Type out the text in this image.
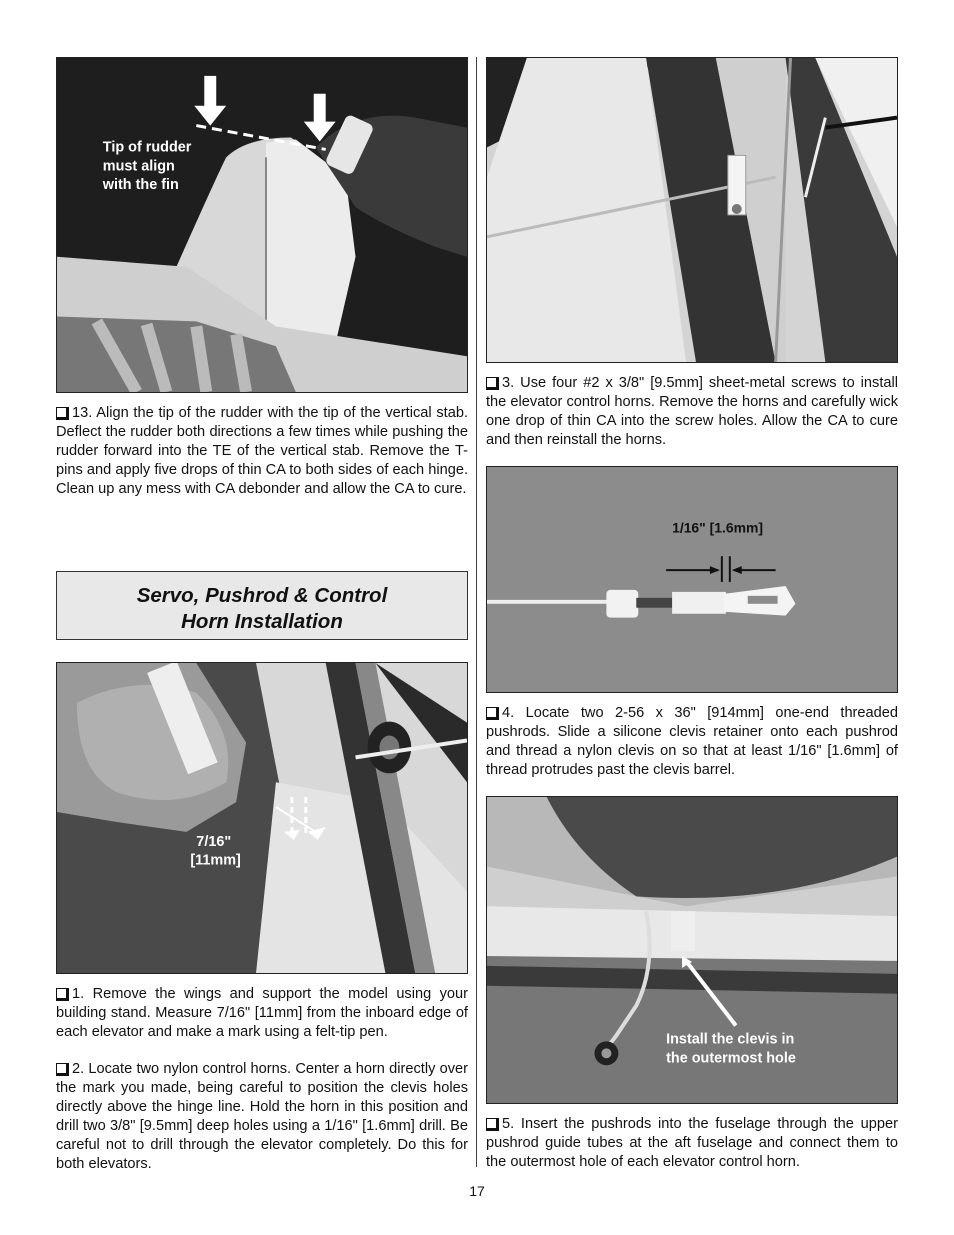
Tip of rudder
must align
with the fin
13. Align the tip of the rudder with the tip of the vertical stab. Deflect the rudder both directions a few times while pushing the rudder forward into the TE of the vertical stab. Remove the T-pins and apply five drops of thin CA to both sides of each hinge. Clean up any mess with CA debonder and allow the CA to cure.
Servo, Pushrod & Control
Horn Installation
7/16"
[11mm]
1. Remove the wings and support the model using your building stand. Measure 7/16" [11mm] from the inboard edge of each elevator and make a mark using a felt-tip pen.
2. Locate two nylon control horns. Center a horn directly over the mark you made, being careful to position the clevis holes directly above the hinge line. Hold the horn in this position and drill two 3/8" [9.5mm] deep holes using a 1/16" [1.6mm] drill. Be careful not to drill through the elevator completely. Do this for both elevators.
3. Use four #2 x 3/8" [9.5mm] sheet-metal screws to install the elevator control horns. Remove the horns and carefully wick one drop of thin CA into the screw holes. Allow the CA to cure and then reinstall the horns.
1/16" [1.6mm]
4. Locate two 2-56 x 36" [914mm] one-end threaded pushrods. Slide a silicone clevis retainer onto each pushrod and thread a nylon clevis on so that at least 1/16" [1.6mm] of thread protrudes past the clevis barrel.
Install the clevis in
the outermost hole
5. Insert the pushrods into the fuselage through the upper pushrod guide tubes at the aft fuselage and connect them to the outermost hole of each elevator control horn.
17
